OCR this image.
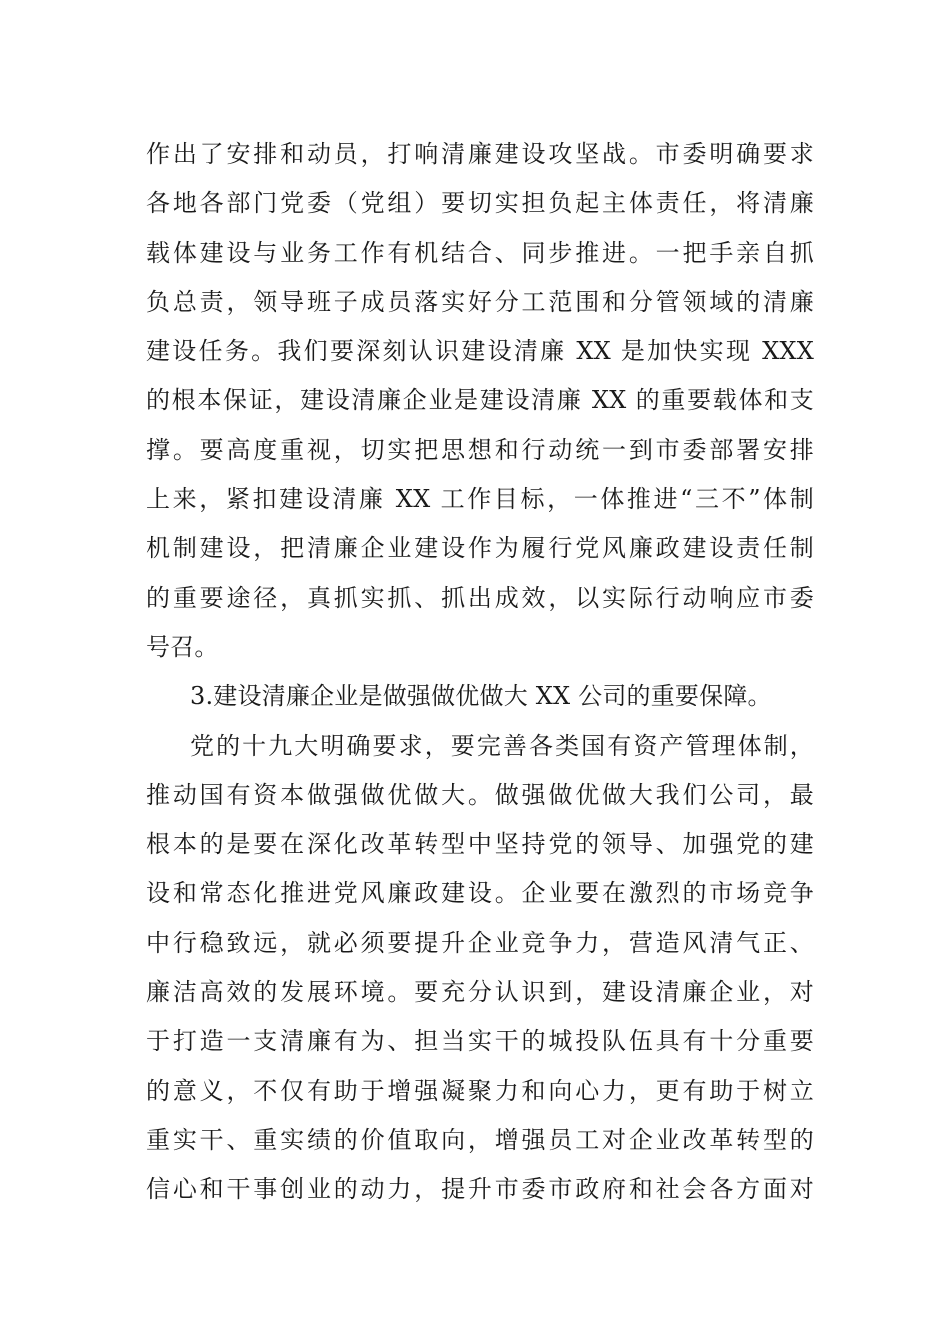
作出了安排和动员，打响清廉建设攻坚战。市委明确要求
各地各部门党委（党组）要切实担负起主体责任，将清廉
载体建设与业务工作有机结合、同步推进。一把手亲自抓
负总责，领导班子成员落实好分工范围和分管领域的清廉
建设任务。我们要深刻认识建设清廉 XX 是加快实现 XXX
的根本保证，建设清廉企业是建设清廉 XX 的重要载体和支
撑。要高度重视，切实把思想和行动统一到市委部署安排
上来，紧扣建设清廉 XX 工作目标，一体推进“三不”体制
机制建设，把清廉企业建设作为履行党风廉政建设责任制
的重要途径，真抓实抓、抓出成效，以实际行动响应市委
号召。
3.建设清廉企业是做强做优做大 XX 公司的重要保障。
党的十九大明确要求，要完善各类国有资产管理体制，
推动国有资本做强做优做大。做强做优做大我们公司，最
根本的是要在深化改革转型中坚持党的领导、加强党的建
设和常态化推进党风廉政建设。企业要在激烈的市场竞争
中行稳致远，就必须要提升企业竞争力，营造风清气正、
廉洁高效的发展环境。要充分认识到，建设清廉企业，对
于打造一支清廉有为、担当实干的城投队伍具有十分重要
的意义，不仅有助于增强凝聚力和向心力，更有助于树立
重实干、重实绩的价值取向，增强员工对企业改革转型的
信心和干事创业的动力，提升市委市政府和社会各方面对
